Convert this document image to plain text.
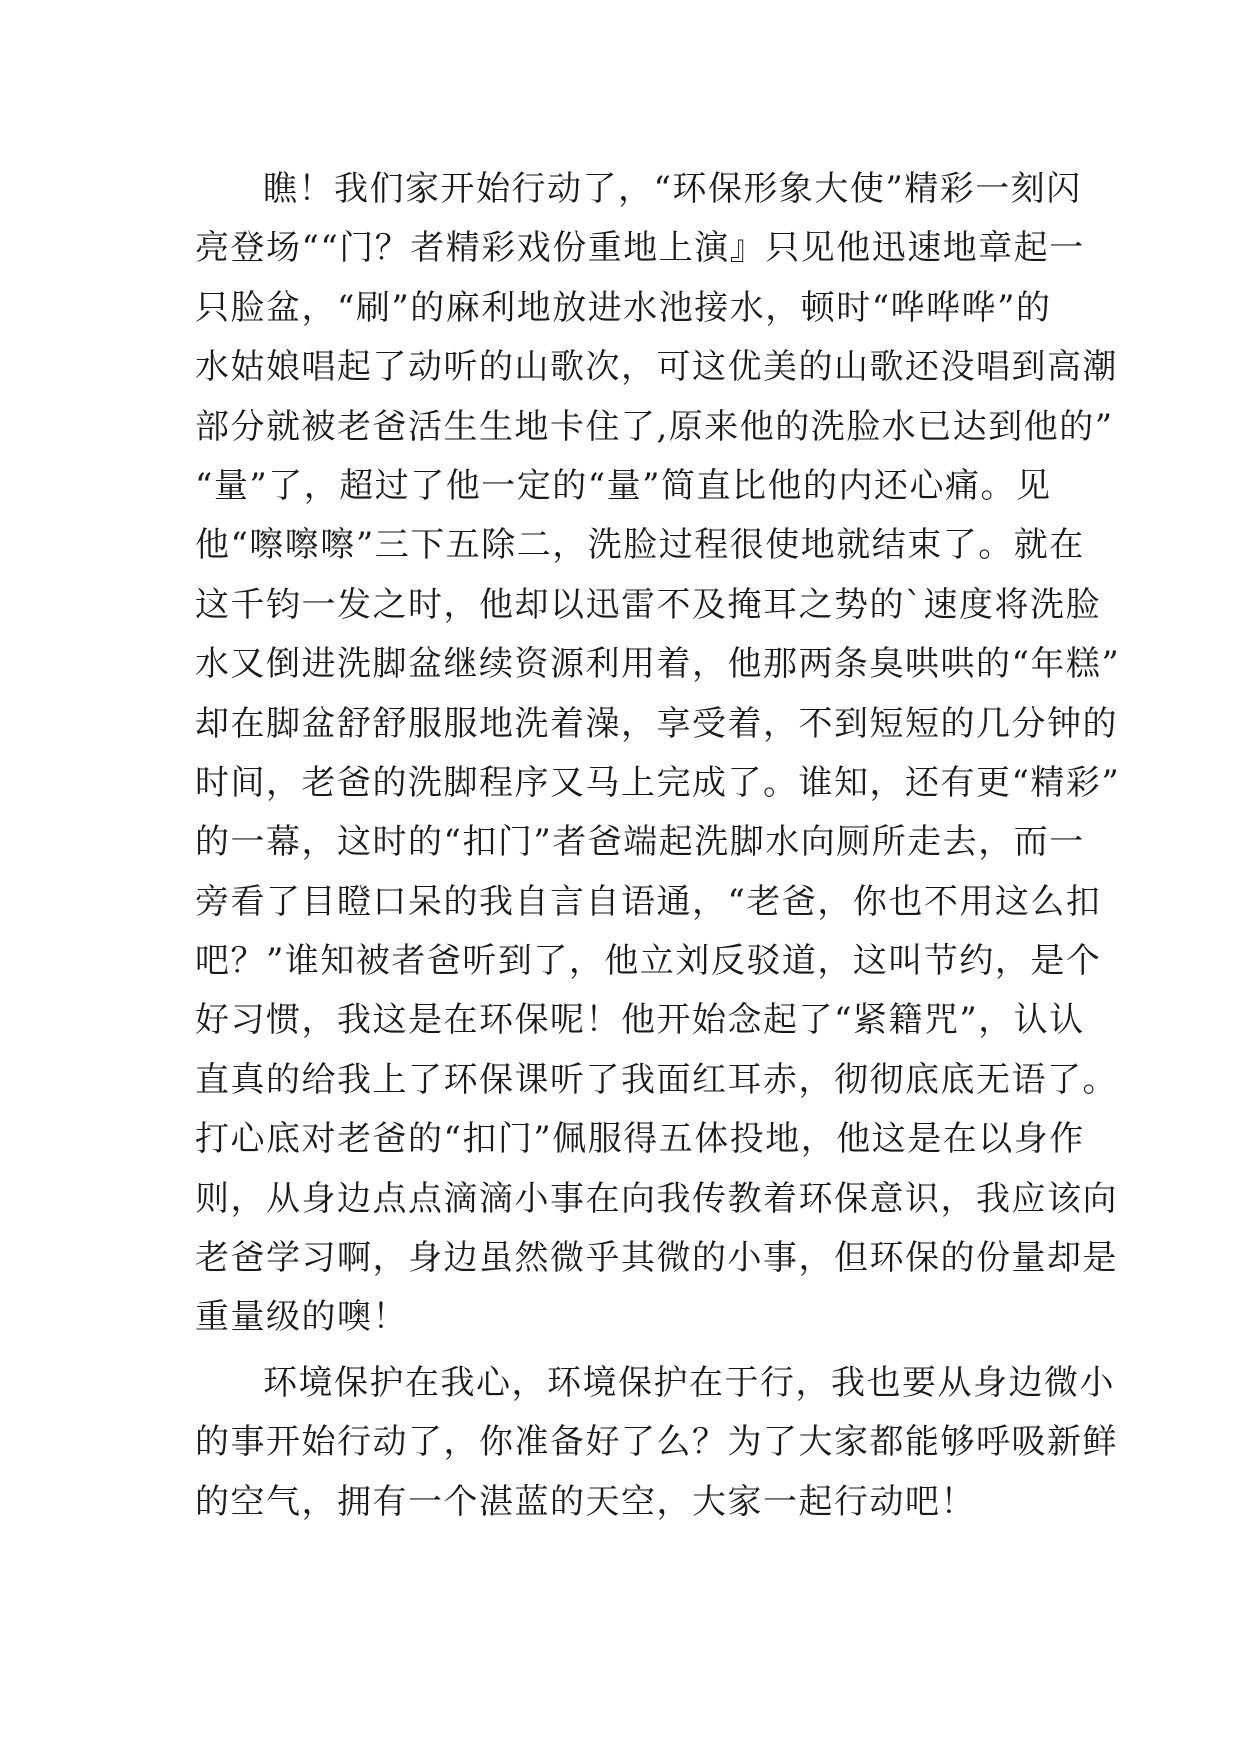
瞧！我们家开始行动了，“环保形象大使”精彩一刻闪
亮登场““门？者精彩戏份重地上演』只见他迅速地章起一
只脸盆，“刷”的麻利地放进水池接水，顿时“哗哗哗”的
水姑娘唱起了动听的山歌次，可这优美的山歌还没唱到高潮
部分就被老爸活生生地卡住了,原来他的洗脸水已达到他的”
“量”了，超过了他一定的“量”简直比他的内还心痛。见
他“嚓嚓嚓”三下五除二，洗脸过程很使地就结束了。就在
这千钧一发之时，他却以迅雷不及掩耳之势的`速度将洗脸
水又倒进洗脚盆继续资源利用着，他那两条臭哄哄的“年糕”
却在脚盆舒舒服服地洗着澡，享受着，不到短短的几分钟的
时间，老爸的洗脚程序又马上完成了。谁知，还有更“精彩”
的一幕，这时的“扣门”者爸端起洗脚水向厕所走去，而一
旁看了目瞪口呆的我自言自语通，“老爸，你也不用这么扣
吧？”谁知被者爸听到了，他立刘反驳道，这叫节约，是个
好习惯，我这是在环保呢！他开始念起了“紧籍咒”，认认
直真的给我上了环保课听了我面红耳赤，彻彻底底无语了。
打心底对老爸的“扣门”佩服得五体投地，他这是在以身作
则，从身边点点滴滴小事在向我传教着环保意识，我应该向
老爸学习啊，身边虽然微乎其微的小事，但环保的份量却是
重量级的噢！
环境保护在我心，环境保护在于行，我也要从身边微小
的事开始行动了，你准备好了么？为了大家都能够呼吸新鲜
的空气，拥有一个湛蓝的天空，大家一起行动吧！
